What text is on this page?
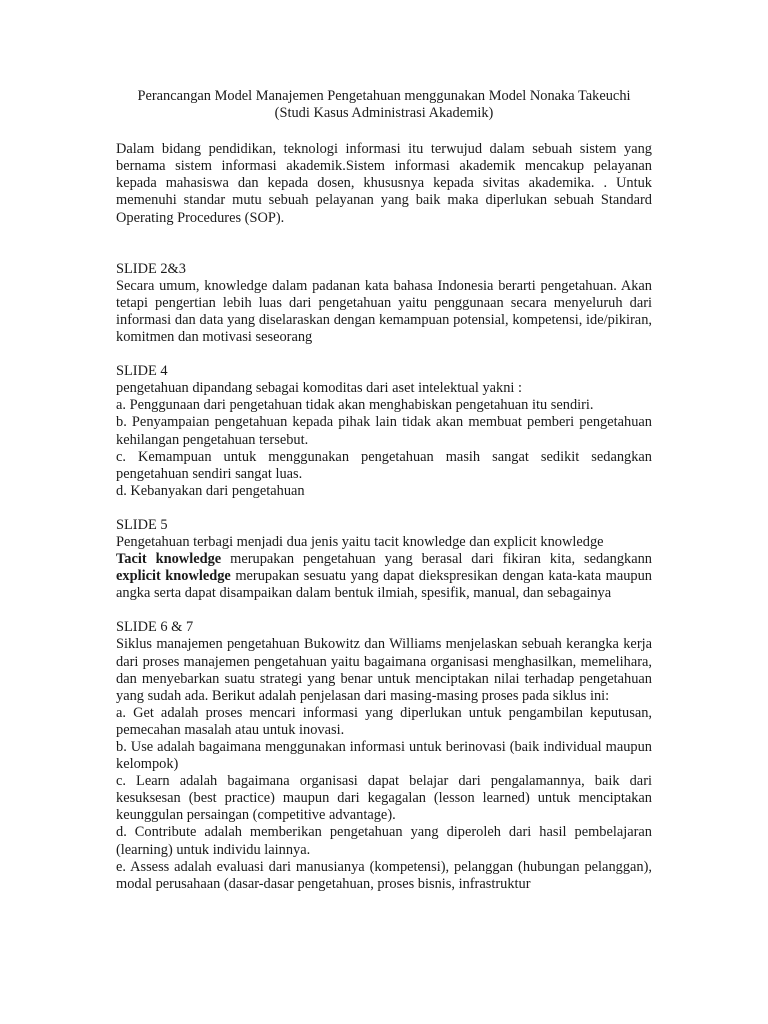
Perancangan Model Manajemen Pengetahuan menggunakan Model Nonaka Takeuchi
(Studi Kasus Administrasi Akademik)

Dalam bidang pendidikan, teknologi informasi itu terwujud dalam sebuah sistem yang bernama sistem informasi akademik.Sistem informasi akademik mencakup pelayanan kepada mahasiswa dan kepada dosen, khususnya kepada sivitas akademika. . Untuk memenuhi standar mutu sebuah pelayanan yang baik maka diperlukan sebuah Standard Operating Procedures (SOP).

SLIDE 2&3

Secara umum, knowledge dalam padanan kata bahasa Indonesia berarti pengetahuan. Akan tetapi pengertian lebih luas dari pengetahuan yaitu penggunaan secara menyeluruh dari informasi dan data yang diselaraskan dengan kemampuan potensial, kompetensi, ide/pikiran, komitmen dan motivasi seseorang

SLIDE 4

pengetahuan dipandang sebagai komoditas dari aset intelektual yakni :

a. Penggunaan dari pengetahuan tidak akan menghabiskan pengetahuan itu sendiri.

b. Penyampaian pengetahuan kepada pihak lain tidak akan membuat pemberi pengetahuan kehilangan pengetahuan tersebut.

c. Kemampuan untuk menggunakan pengetahuan masih sangat sedikit sedangkan pengetahuan sendiri sangat luas.

d. Kebanyakan dari pengetahuan

SLIDE 5

Pengetahuan terbagi menjadi dua jenis yaitu tacit knowledge dan explicit knowledge

Tacit knowledge merupakan pengetahuan yang berasal dari fikiran kita, sedangkann explicit knowledge merupakan sesuatu yang dapat diekspresikan dengan kata-kata maupun angka serta dapat disampaikan dalam bentuk ilmiah, spesifik, manual, dan sebagainya

SLIDE 6 & 7

Siklus manajemen pengetahuan Bukowitz dan Williams menjelaskan sebuah kerangka kerja dari proses manajemen pengetahuan yaitu bagaimana organisasi menghasilkan, memelihara, dan menyebarkan suatu strategi yang benar untuk menciptakan nilai terhadap pengetahuan yang sudah ada. Berikut adalah penjelasan dari masing-masing proses pada siklus ini:

a. Get adalah proses mencari informasi yang diperlukan untuk pengambilan keputusan, pemecahan masalah atau untuk inovasi.

b. Use adalah bagaimana menggunakan informasi untuk berinovasi (baik individual maupun kelompok)

c. Learn adalah bagaimana organisasi dapat belajar dari pengalamannya, baik dari kesuksesan (best practice) maupun dari kegagalan (lesson learned) untuk menciptakan keunggulan persaingan (competitive advantage).

d. Contribute adalah memberikan pengetahuan yang diperoleh dari hasil pembelajaran (learning) untuk individu lainnya.

e. Assess adalah evaluasi dari manusianya (kompetensi), pelanggan (hubungan pelanggan), modal perusahaan (dasar-dasar pengetahuan, proses bisnis, infrastruktur
